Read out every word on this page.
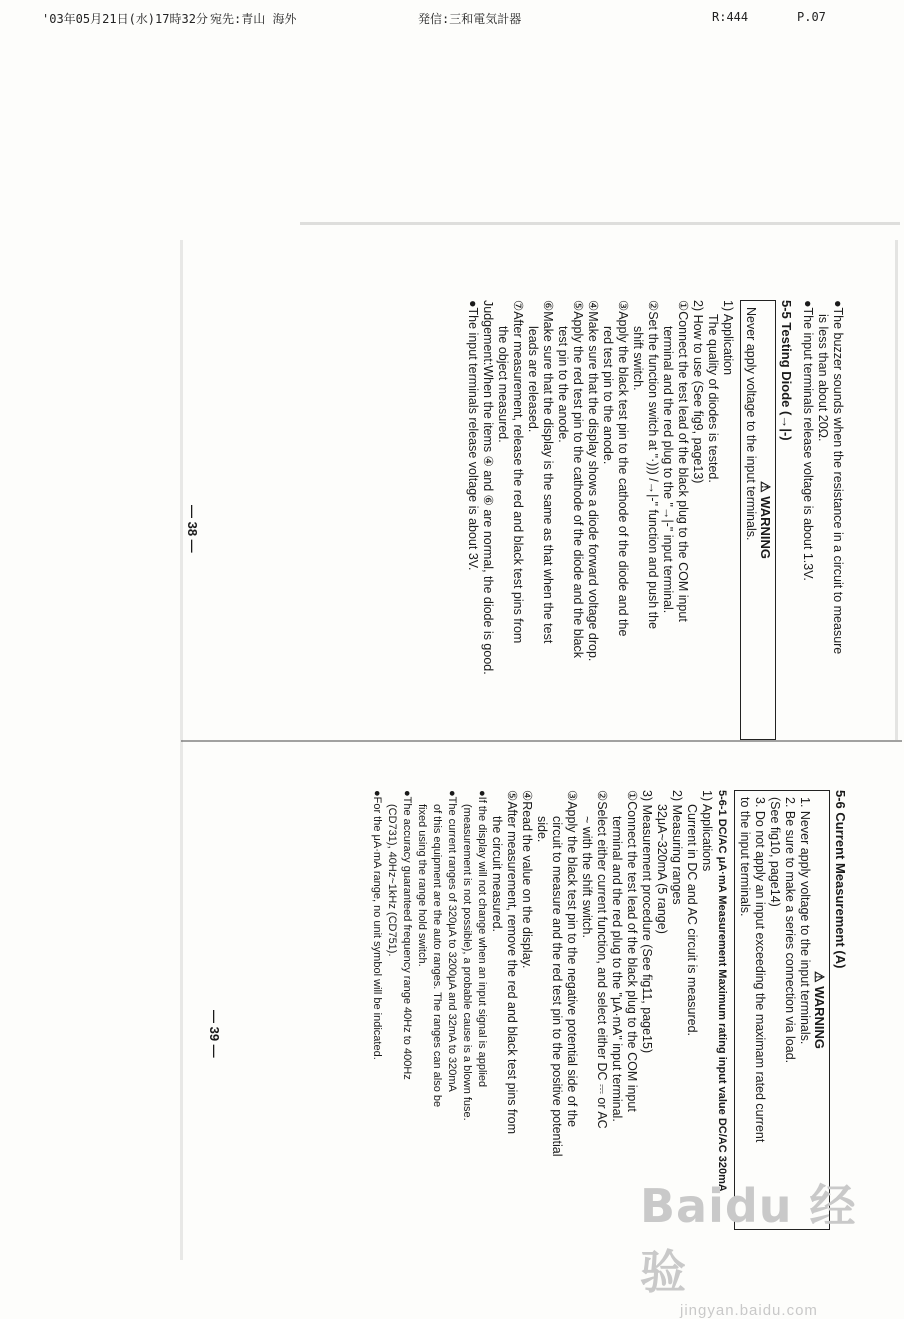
'03年05月21日(水)17時32分 宛先:青山 海外	発信:三和電気計器	R:444	P.07

●The buzzer sounds when the resistance in a circuit to measure

is less than about 20Ω.

●The input terminals release voltage is about 1.3V.

5-5 Testing Diode (→|-)

⚠ WARNING

Never apply voltage to the input terminals.

1) Application

The quality of diodes is tested.

2) How to use (See fig9, page13)

①Connect the test lead of the black plug to the COM input

terminal and the red plug to the "→|-" input terminal.

②Set the function switch at "·))) /→|-" function and push the

shift switch.

③Apply the black test pin to the cathode of the diode and the

red test pin to the anode.

④Make sure that the display shows a diode forward voltage drop.

⑤Apply the red test pin to the cathode of the diode and the black

test pin to the anode.

⑥Make sure that the display is the same as that when the test

leads are released.

⑦After measurement, release the red and black test pins from

the object measured.

Judgement:When the items ④ and ⑥ are normal, the diode is good.

●The input terminals release voltage is about 3V.

— 38 —

5-6 Current Measurement (A)

⚠ WARNING

1. Never apply voltage to the input terminals.

2. Be sure to make a series connection via load.

(See fig10, page14)

3. Do not apply an input exceeding the maximam rated current

to the input terminals.

5-6-1 DC/AC μA·mA Measurement Maximum rating input value DC/AC 320mA

1) Applications

Current in DC and AC circuit is measured.

2) Measuring ranges

32μA~320mA (5 range)

3) Measurement procedure (See fig11, page15)

①Connect the test lead of the black plug to the COM input

terminal and the red plug to the "μA·mA" input terminal.

②Select either current function, and select either DC ⎓ or AC

~ with the shift switch.

③Apply the black test pin to the negative potential side of the

circuit to measure and the red test pin to the positive potential

side.

④Read the value on the display.

⑤After measurement, remove the red and black test pins from

the circuit measured.

●If the display will not change when an input signal is applied

(measurement is not possible), a probable cause is a blown fuse.

●The current ranges of 320μA to 3200μA and 32mA to 320mA

of this equipment are the auto ranges. The ranges can also be

fixed using the range hold switch.

●The accuracy guaranteed frequency range 40Hz to 400Hz

(CD731), 40Hz~1kHz (CD751).

●For the μA·mA range, no unit symbol will be indicated.

— 39 —
Baidu 经验
jingyan.baidu.com
